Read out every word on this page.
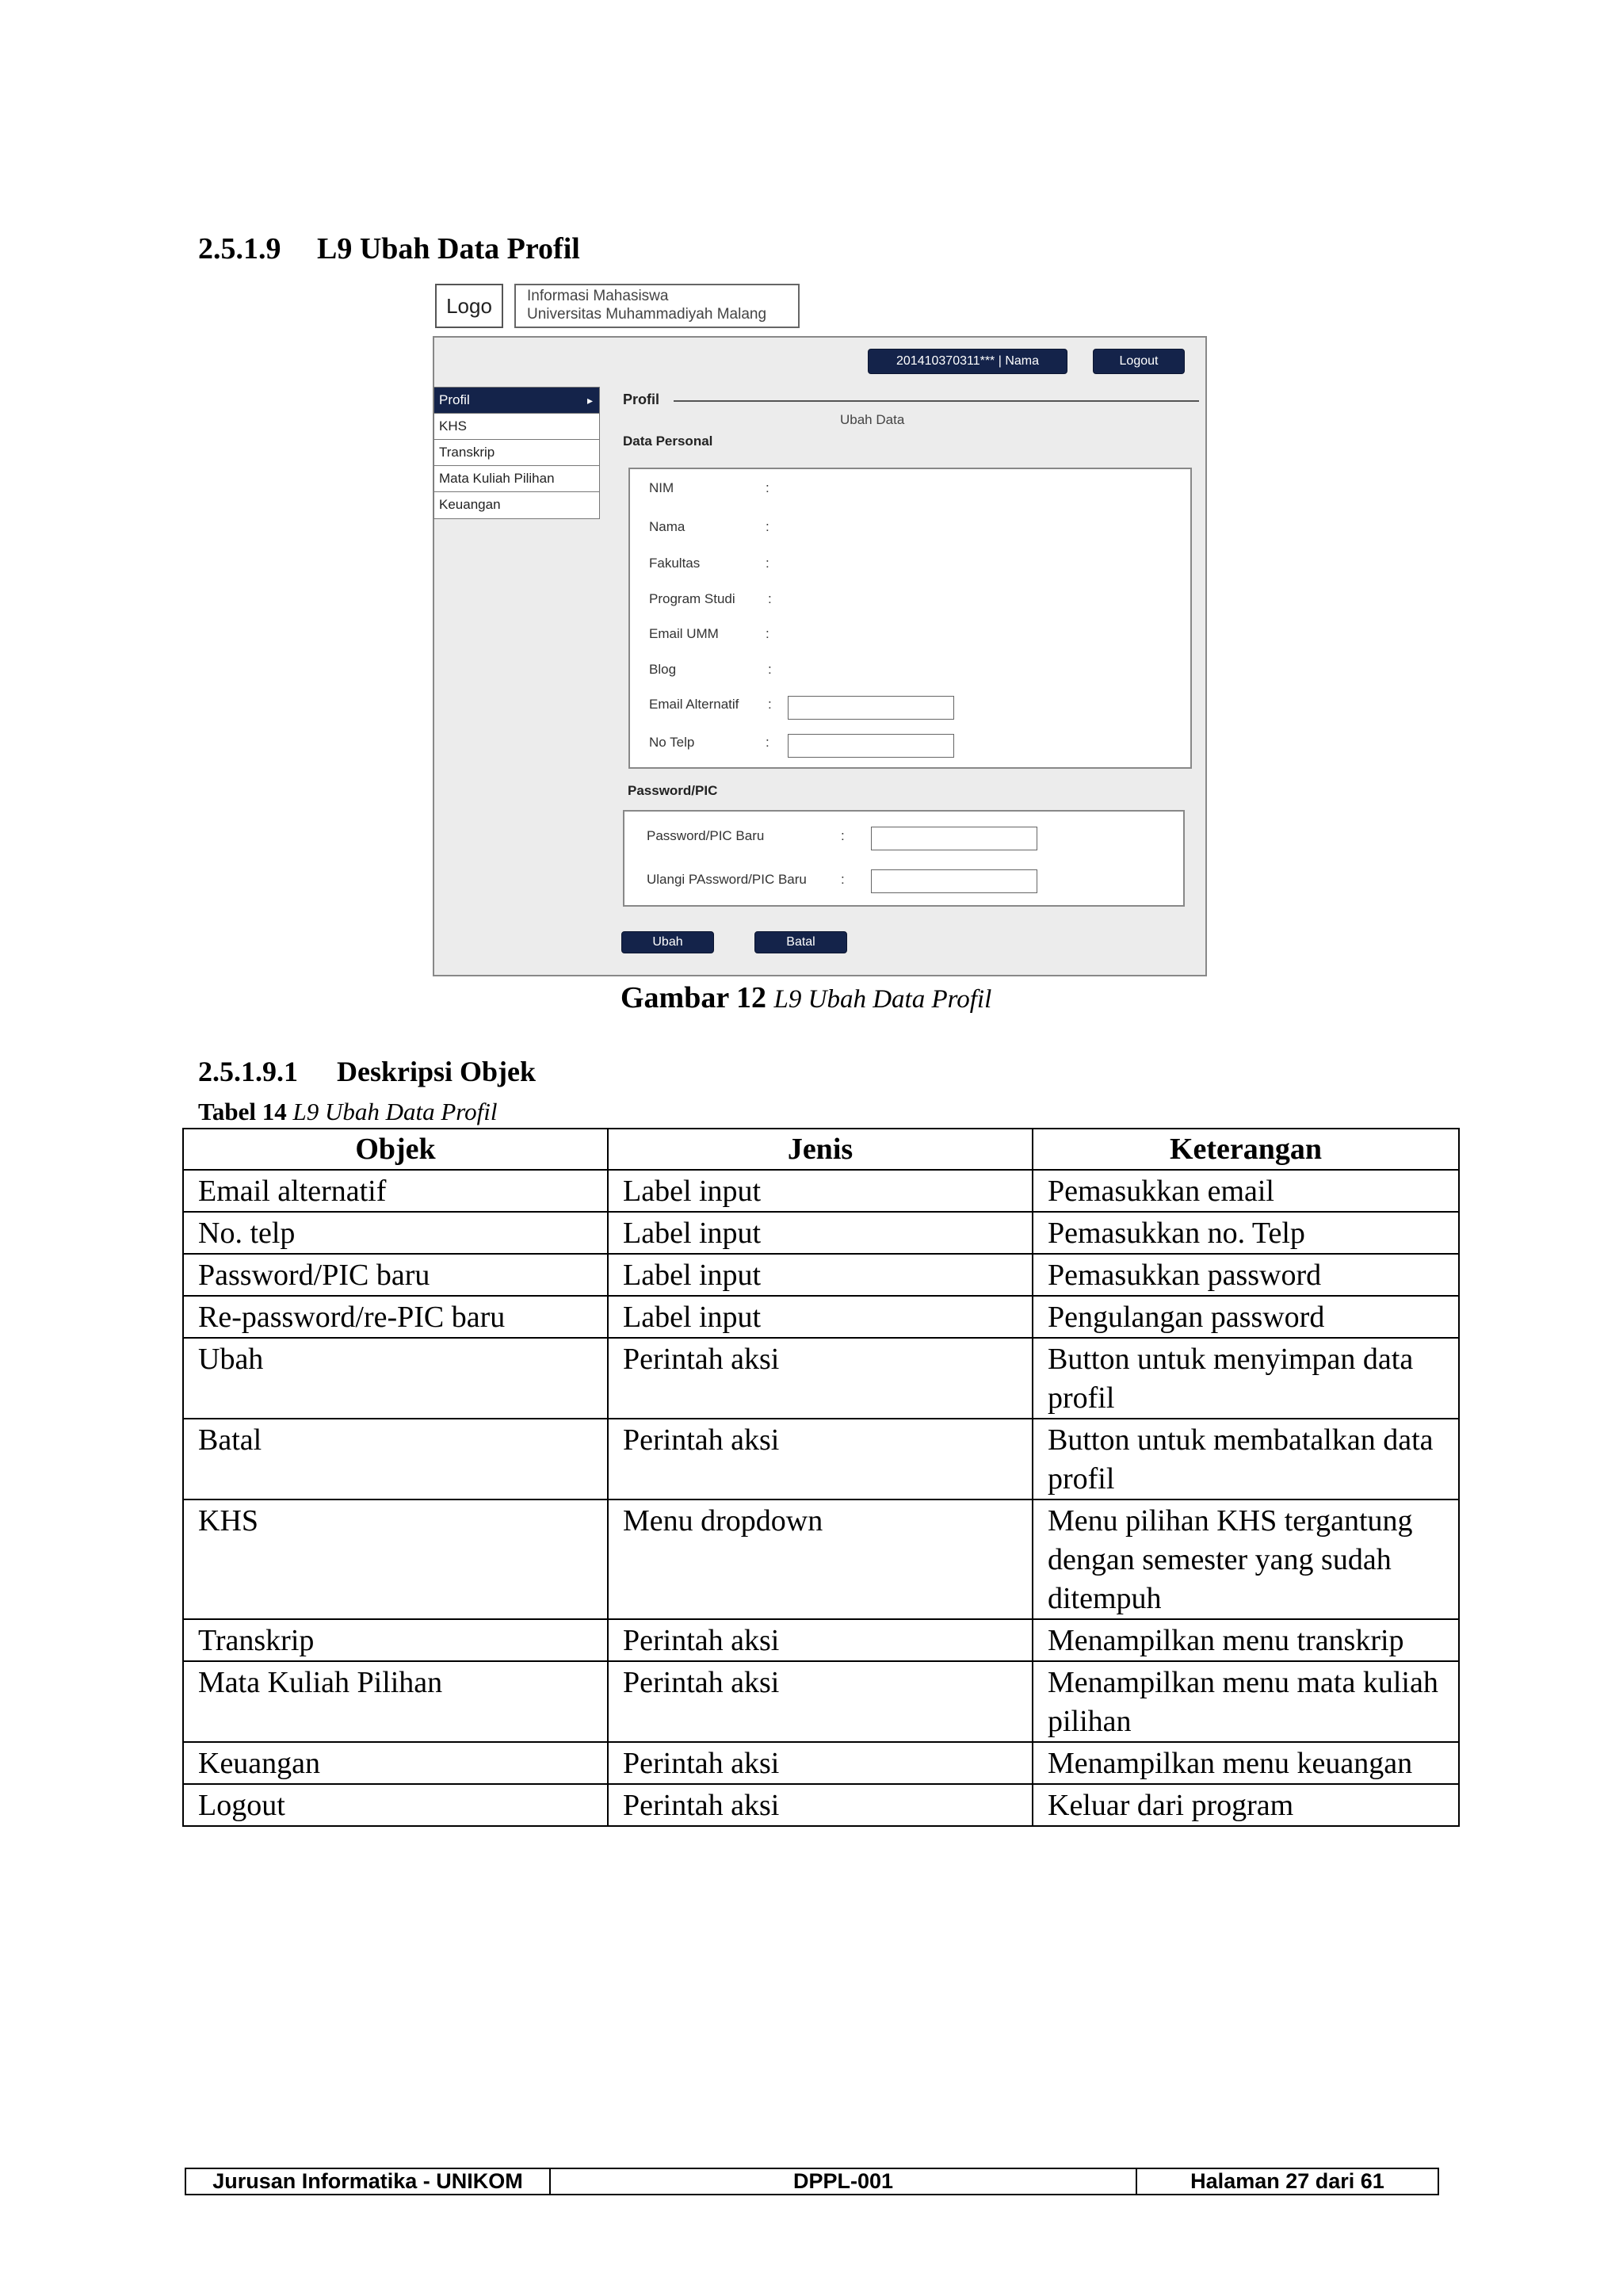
2.5.1.9 L9 Ubah Data Profil
Logo Informasi Mahasiswa
Universitas Muhammadiyah Malang
201410370311*** | Nama	Logout
Profil ▸
KHS
Transkrip
Mata Kuliah Pilihan
Keuangan
Profil
Ubah Data
Data Personal
NIM	:
Nama	:
Fakultas	:
Program Studi :
Email UMM	:
Blog	:
Email Alternatif :
No Telp	:
Password/PIC
Password/PIC Baru	:
Ulangi PAssword/PIC Baru	:
Ubah	Batal
Gambar 12 L9 Ubah Data Profil
2.5.1.9.1 Deskripsi Objek
Tabel 14 L9 Ubah Data Profil
Objek	Jenis	Keterangan
Email alternatif	Label input	Pemasukkan email
No. telp	Label input	Pemasukkan no. Telp
Password/PIC baru	Label input	Pemasukkan password
Re-password/re-PIC baru	Label input	Pengulangan password
Ubah	Perintah aksi	Button untuk menyimpan data profil
Batal	Perintah aksi	Button untuk membatalkan data profil
KHS	Menu dropdown	Menu pilihan KHS tergantung dengan semester yang sudah ditempuh
Transkrip	Perintah aksi	Menampilkan menu transkrip
Mata Kuliah Pilihan	Perintah aksi	Menampilkan menu mata kuliah pilihan
Keuangan	Perintah aksi	Menampilkan menu keuangan
Logout	Perintah aksi	Keluar dari program
Jurusan Informatika - UNIKOM	DPPL-001	Halaman 27 dari 61
